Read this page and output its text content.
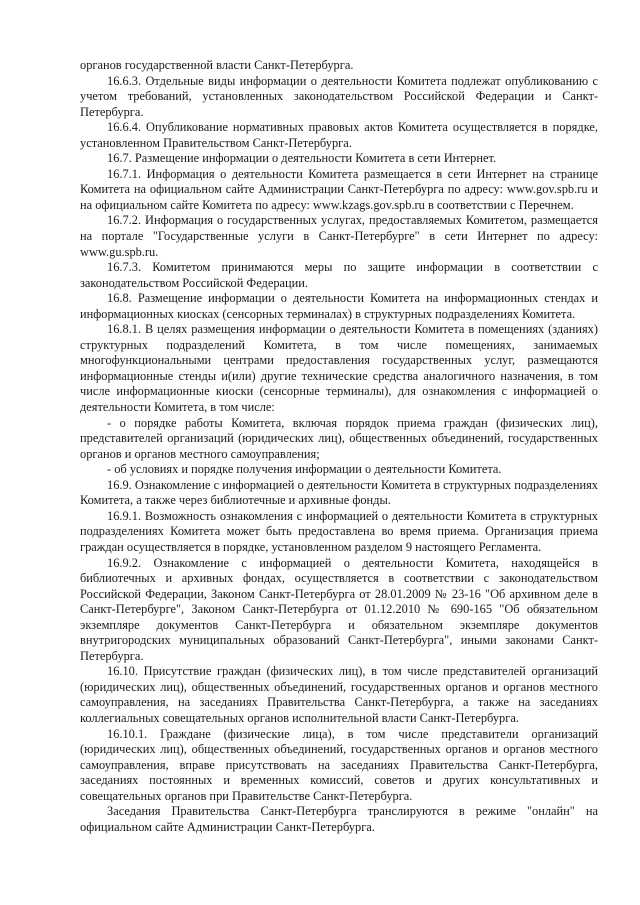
органов государственной власти Санкт-Петербурга.

16.6.3. Отдельные виды информации о деятельности Комитета подлежат опубликованию с учетом требований, установленных законодательством Российской Федерации и Санкт-Петербурга.

16.6.4. Опубликование нормативных правовых актов Комитета осуществляется в порядке, установленном Правительством Санкт-Петербурга.

16.7. Размещение информации о деятельности Комитета в сети Интернет.

16.7.1. Информация о деятельности Комитета размещается в сети Интернет на странице Комитета на официальном сайте Администрации Санкт-Петербурга по адресу: www.gov.spb.ru и на официальном сайте Комитета по адресу: www.kzags.gov.spb.ru в соответствии с Перечнем.

16.7.2. Информация о государственных услугах, предоставляемых Комитетом, размещается на портале "Государственные услуги в Санкт-Петербурге" в сети Интернет по адресу: www.gu.spb.ru.

16.7.3. Комитетом принимаются меры по защите информации в соответствии с законодательством Российской Федерации.

16.8. Размещение информации о деятельности Комитета на информационных стендах и информационных киосках (сенсорных терминалах) в структурных подразделениях Комитета.

16.8.1. В целях размещения информации о деятельности Комитета в помещениях (зданиях) структурных подразделений Комитета, в том числе помещениях, занимаемых многофункциональными центрами предоставления государственных услуг, размещаются информационные стенды и(или) другие технические средства аналогичного назначения, в том числе информационные киоски (сенсорные терминалы), для ознакомления с информацией о деятельности Комитета, в том числе:

- о порядке работы Комитета, включая порядок приема граждан (физических лиц), представителей организаций (юридических лиц), общественных объединений, государственных органов и органов местного самоуправления;

- об условиях и порядке получения информации о деятельности Комитета.

16.9. Ознакомление с информацией о деятельности Комитета в структурных подразделениях Комитета, а также через библиотечные и архивные фонды.

16.9.1. Возможность ознакомления с информацией о деятельности Комитета в структурных подразделениях Комитета может быть предоставлена во время приема. Организация приема граждан осуществляется в порядке, установленном разделом 9 настоящего Регламента.

16.9.2. Ознакомление с информацией о деятельности Комитета, находящейся в библиотечных и архивных фондах, осуществляется в соответствии с законодательством Российской Федерации, Законом Санкт-Петербурга от 28.01.2009 № 23-16 "Об архивном деле в Санкт-Петербурге", Законом Санкт-Петербурга от 01.12.2010 № 690-165 "Об обязательном экземпляре документов Санкт-Петербурга и обязательном экземпляре документов внутригородских муниципальных образований Санкт-Петербурга", иными законами Санкт-Петербурга.

16.10. Присутствие граждан (физических лиц), в том числе представителей организаций (юридических лиц), общественных объединений, государственных органов и органов местного самоуправления, на заседаниях Правительства Санкт-Петербурга, а также на заседаниях коллегиальных совещательных органов исполнительной власти Санкт-Петербурга.

16.10.1. Граждане (физические лица), в том числе представители организаций (юридических лиц), общественных объединений, государственных органов и органов местного самоуправления, вправе присутствовать на заседаниях Правительства Санкт-Петербурга, заседаниях постоянных и временных комиссий, советов и других консультативных и совещательных органов при Правительстве Санкт-Петербурга.

Заседания Правительства Санкт-Петербурга транслируются в режиме "онлайн" на официальном сайте Администрации Санкт-Петербурга.
